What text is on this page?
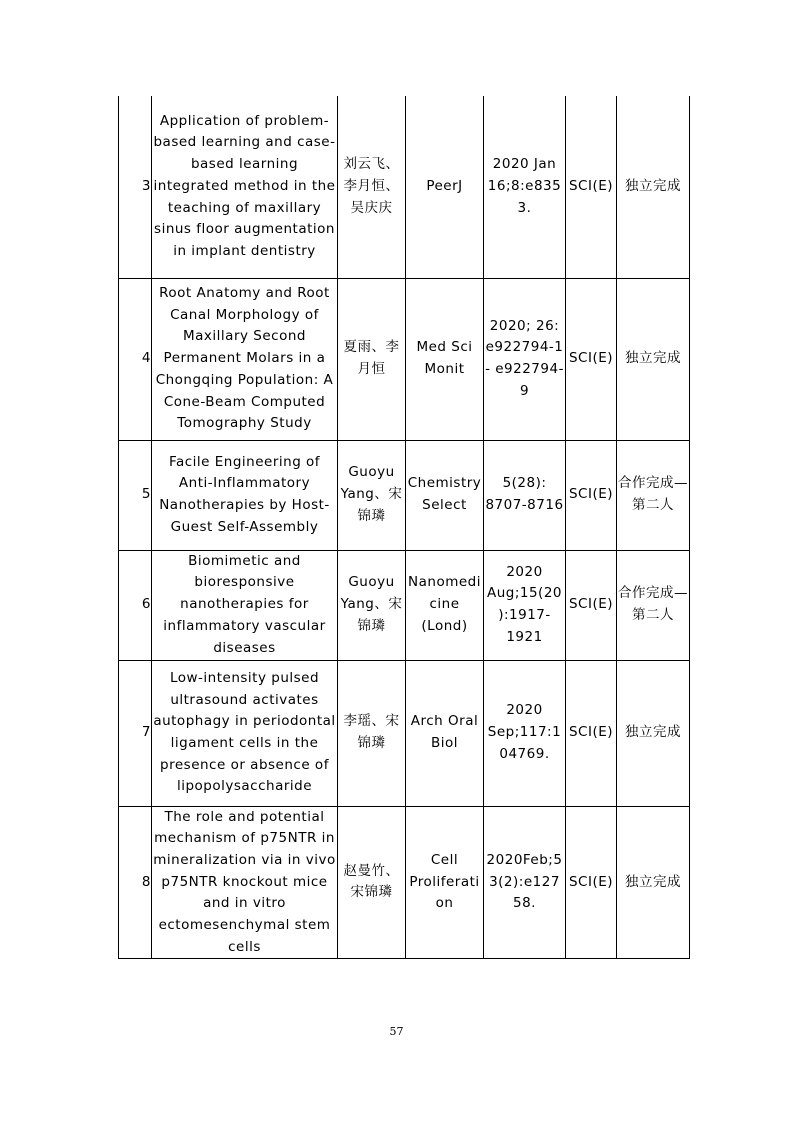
3	Application of problem-based learning and case-based learning integrated method in the teaching of maxillary sinus floor augmentation in implant dentistry	刘云飞、李月恒、吴庆庆	PeerJ	2020 Jan 16;8:e8353.	SCI(E)	独立完成
4	Root Anatomy and Root Canal Morphology of Maxillary Second Permanent Molars in a Chongqing Population: A Cone-Beam Computed Tomography Study	夏雨、李月恒	Med Sci Monit	2020; 26: e922794-1 - e922794-9	SCI(E)	独立完成
5	Facile Engineering of Anti-Inflammatory Nanotherapies by Host-Guest Self-Assembly	Guoyu Yang、宋锦璘	Chemistry Select	5(28): 8707-8716	SCI(E)	合作完成—第二人
6	Biomimetic and bioresponsive nanotherapies for inflammatory vascular diseases	Guoyu Yang、宋锦璘	Nanomedicine (Lond)	2020 Aug;15(20):1917-1921	SCI(E)	合作完成—第二人
7	Low-intensity pulsed ultrasound activates autophagy in periodontal ligament cells in the presence or absence of lipopolysaccharide	李瑶、宋锦璘	Arch Oral Biol	2020 Sep;117:104769.	SCI(E)	独立完成
8	The role and potential mechanism of p75NTR in mineralization via in vivo p75NTR knockout mice and in vitro ectomesenchymal stem cells	赵曼竹、宋锦璘	Cell Proliferation	2020Feb;53(2):e12758.	SCI(E)	独立完成
57
